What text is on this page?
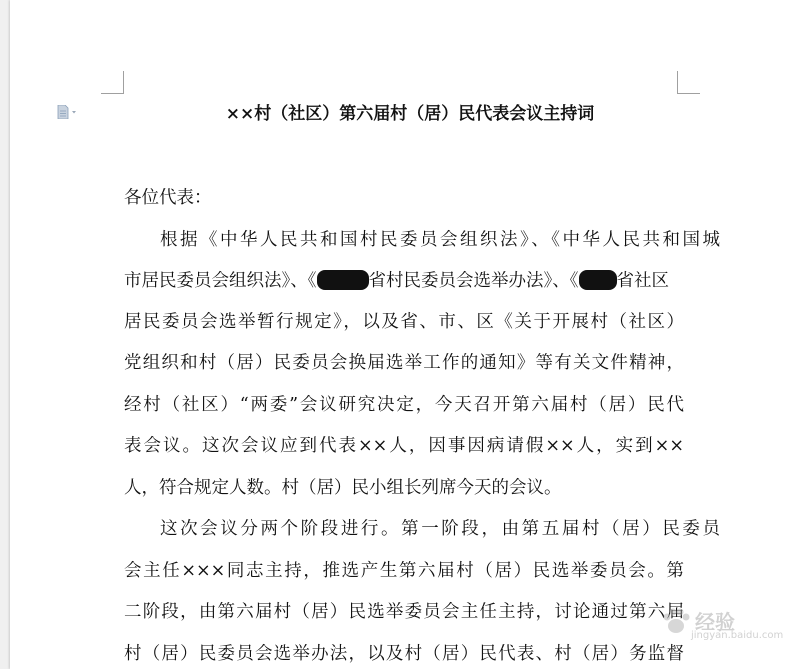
××村（社区）第六届村（居）民代表会议主持词
各位代表：
根据《中华人民共和国村民委员会组织法》、《中华人民共和国城
市居民委员会组织法》、《	省村民委员会选举办法》、《 省社区
居民委员会选举暂行规定》，以及省、市、区《关于开展村（社区）
党组织和村（居）民委员会换届选举工作的通知》等有关文件精神，
经村（社区）“两委”会议研究决定，今天召开第六届村（居）民代
表会议。这次会议应到代表××人，因事因病请假××人，实到××
人，符合规定人数。村（居）民小组长列席今天的会议。
这次会议分两个阶段进行。第一阶段，由第五届村（居）民委员
会主任×××同志主持，推选产生第六届村（居）民选举委员会。第
二阶段，由第六届村（居）民选举委员会主任主持，讨论通过第六届
村（居）民委员会选举办法，以及村（居）民代表、村（居）务监督
经验
jingyan.baidu.com
